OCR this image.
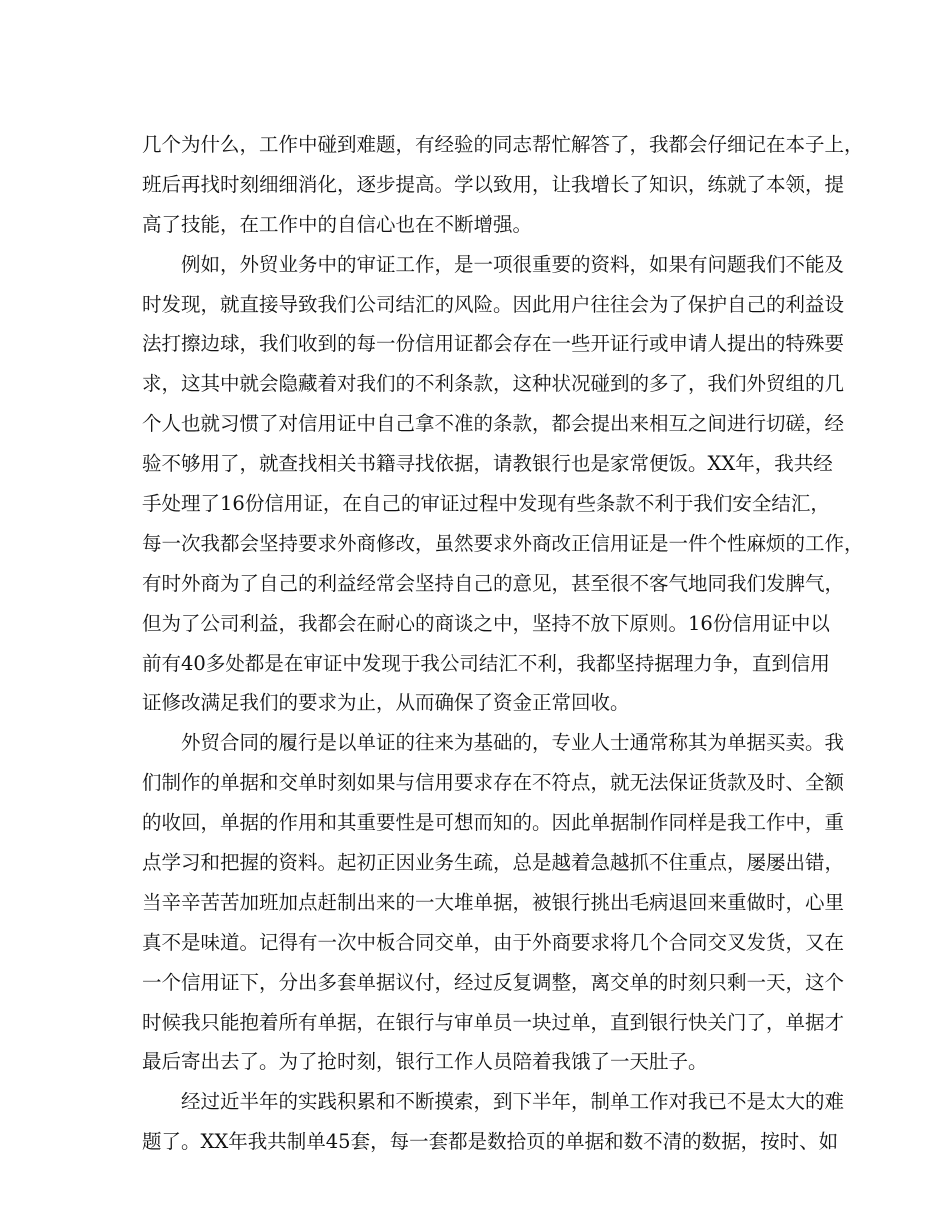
几个为什么，工作中碰到难题，有经验的同志帮忙解答了，我都会仔细记在本子上，
班后再找时刻细细消化，逐步提高。学以致用，让我增长了知识，练就了本领，提
高了技能，在工作中的自信心也在不断增强。
　　例如，外贸业务中的审证工作，是一项很重要的资料，如果有问题我们不能及
时发现，就直接导致我们公司结汇的风险。因此用户往往会为了保护自己的利益设
法打擦边球，我们收到的每一份信用证都会存在一些开证行或申请人提出的特殊要
求，这其中就会隐藏着对我们的不利条款，这种状况碰到的多了，我们外贸组的几
个人也就习惯了对信用证中自己拿不准的条款，都会提出来相互之间进行切磋，经
验不够用了，就查找相关书籍寻找依据，请教银行也是家常便饭。XX年，我共经
手处理了16份信用证，在自己的审证过程中发现有些条款不利于我们安全结汇，
每一次我都会坚持要求外商修改，虽然要求外商改正信用证是一件个性麻烦的工作，
有时外商为了自己的利益经常会坚持自己的意见，甚至很不客气地同我们发脾气，
但为了公司利益，我都会在耐心的商谈之中，坚持不放下原则。16份信用证中以
前有40多处都是在审证中发现于我公司结汇不利，我都坚持据理力争，直到信用
证修改满足我们的要求为止，从而确保了资金正常回收。
　　外贸合同的履行是以单证的往来为基础的，专业人士通常称其为单据买卖。我
们制作的单据和交单时刻如果与信用要求存在不符点，就无法保证货款及时、全额
的收回，单据的作用和其重要性是可想而知的。因此单据制作同样是我工作中，重
点学习和把握的资料。起初正因业务生疏，总是越着急越抓不住重点，屡屡出错，
当辛辛苦苦加班加点赶制出来的一大堆单据，被银行挑出毛病退回来重做时，心里
真不是味道。记得有一次中板合同交单，由于外商要求将几个合同交叉发货，又在
一个信用证下，分出多套单据议付，经过反复调整，离交单的时刻只剩一天，这个
时候我只能抱着所有单据，在银行与审单员一块过单，直到银行快关门了，单据才
最后寄出去了。为了抢时刻，银行工作人员陪着我饿了一天肚子。
　　经过近半年的实践积累和不断摸索，到下半年，制单工作对我已不是太大的难
题了。XX年我共制单45套，每一套都是数拾页的单据和数不清的数据，按时、如
